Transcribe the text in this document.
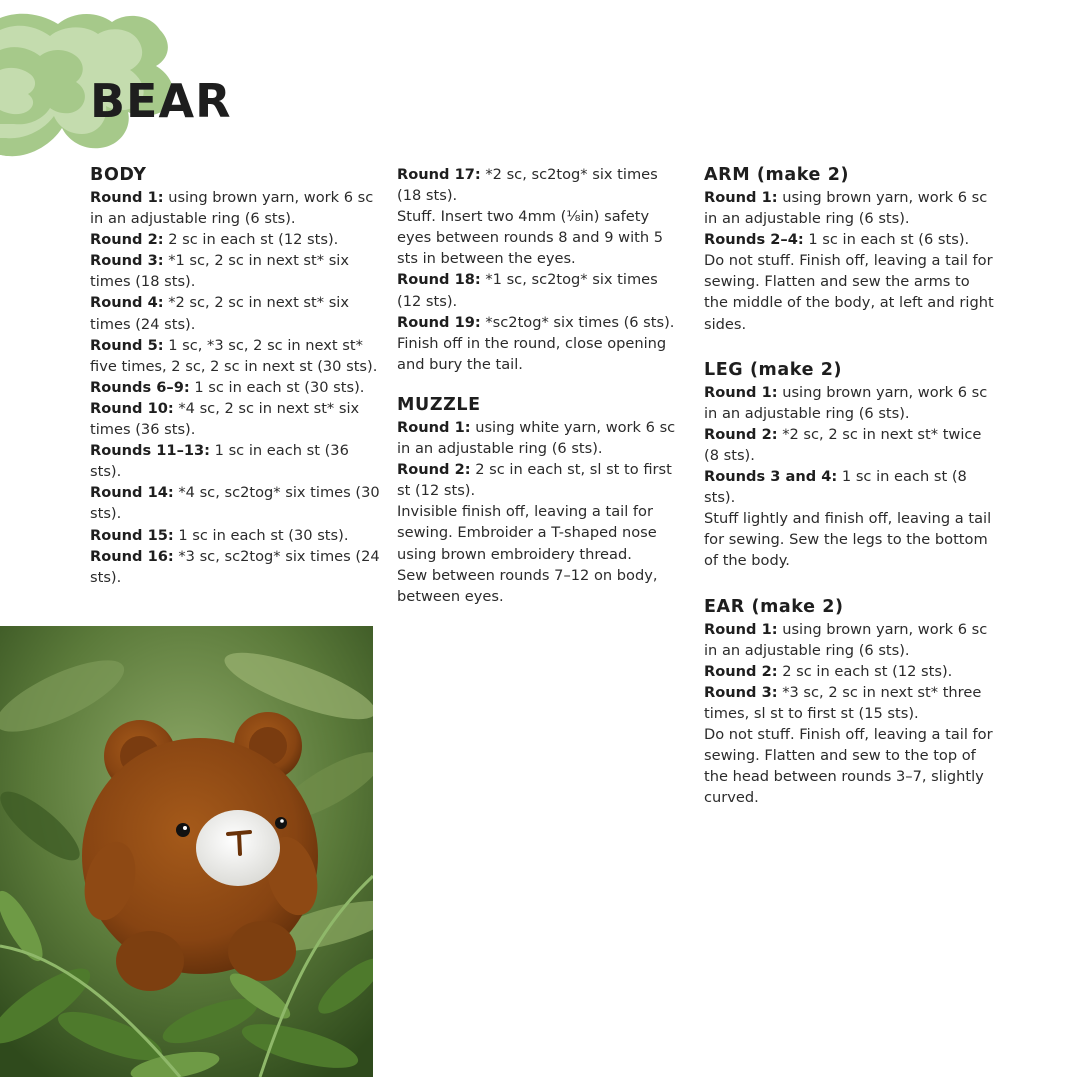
BEAR
BODY
Round 1: using brown yarn, work 6 sc in an adjustable ring (6 sts).
Round 2: 2 sc in each st (12 sts).
Round 3: *1 sc, 2 sc in next st* six times (18 sts).
Round 4: *2 sc, 2 sc in next st* six times (24 sts).
Round 5: 1 sc, *3 sc, 2 sc in next st* five times, 2 sc, 2 sc in next st (30 sts).
Rounds 6–9: 1 sc in each st (30 sts).
Round 10: *4 sc, 2 sc in next st* six times (36 sts).
Rounds 11–13: 1 sc in each st (36 sts).
Round 14: *4 sc, sc2tog* six times (30 sts).
Round 15: 1 sc in each st (30 sts).
Round 16: *3 sc, sc2tog* six times (24 sts).
Round 17: *2 sc, sc2tog* six times (18 sts).
Stuff. Insert two 4mm (⅛in) safety eyes between rounds 8 and 9 with 5 sts in between the eyes.
Round 18: *1 sc, sc2tog* six times (12 sts).
Round 19: *sc2tog* six times (6 sts).
Finish off in the round, close opening and bury the tail.
MUZZLE
Round 1: using white yarn, work 6 sc in an adjustable ring (6 sts).
Round 2: 2 sc in each st, sl st to first st (12 sts).
Invisible finish off, leaving a tail for sewing. Embroider a T-shaped nose using brown embroidery thread.
Sew between rounds 7–12 on body, between eyes.
ARM (make 2)
Round 1: using brown yarn, work 6 sc in an adjustable ring (6 sts).
Rounds 2–4: 1 sc in each st (6 sts).
Do not stuff. Finish off, leaving a tail for sewing. Flatten and sew the arms to the middle of the body, at left and right sides.
LEG (make 2)
Round 1: using brown yarn, work 6 sc in an adjustable ring (6 sts).
Round 2: *2 sc, 2 sc in next st* twice (8 sts).
Rounds 3 and 4: 1 sc in each st (8 sts).
Stuff lightly and finish off, leaving a tail for sewing. Sew the legs to the bottom of the body.
EAR (make 2)
Round 1: using brown yarn, work 6 sc in an adjustable ring (6 sts).
Round 2: 2 sc in each st (12 sts).
Round 3: *3 sc, 2 sc in next st* three times, sl st to first st (15 sts).
Do not stuff. Finish off, leaving a tail for sewing. Flatten and sew to the top of the head between rounds 3–7, slightly curved.
